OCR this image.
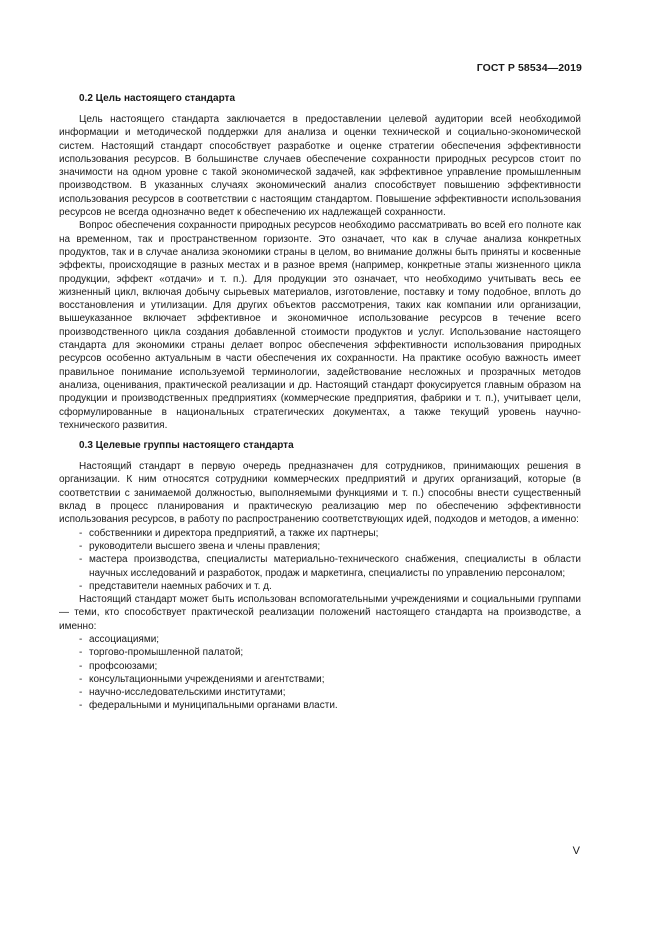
ГОСТ Р 58534—2019
0.2 Цель настоящего стандарта

Цель настоящего стандарта заключается в предоставлении целевой аудитории всей необходимой информации и методической поддержки для анализа и оценки технической и социально-экономической систем. Настоящий стандарт способствует разработке и оценке стратегии обеспечения эффективности использования ресурсов. В большинстве случаев обеспечение сохранности природных ресурсов стоит по значимости на одном уровне с такой экономической задачей, как эффективное управление промышленным производством. В указанных случаях экономический анализ способствует повышению эффективности использования ресурсов в соответствии с настоящим стандартом. Повышение эффективности использования ресурсов не всегда однозначно ведет к обеспечению их надлежащей сохранности.

Вопрос обеспечения сохранности природных ресурсов необходимо рассматривать во всей его полноте как на временном, так и пространственном горизонте. Это означает, что как в случае анализа конкретных продуктов, так и в случае анализа экономики страны в целом, во внимание должны быть приняты и косвенные эффекты, происходящие в разных местах и в разное время (например, конкретные этапы жизненного цикла продукции, эффект «отдачи» и т. п.). Для продукции это означает, что необходимо учитывать весь ее жизненный цикл, включая добычу сырьевых материалов, изготовление, поставку и тому подобное, вплоть до восстановления и утилизации. Для других объектов рассмотрения, таких как компании или организации, вышеуказанное включает эффективное и экономичное использование ресурсов в течение всего производственного цикла создания добавленной стоимости продуктов и услуг. Использование настоящего стандарта для экономики страны делает вопрос обеспечения эффективности использования природных ресурсов особенно актуальным в части обеспечения их сохранности. На практике особую важность имеет правильное понимание используемой терминологии, задействование несложных и прозрачных методов анализа, оценивания, практической реализации и др. Настоящий стандарт фокусируется главным образом на продукции и производственных предприятиях (коммерческие предприятия, фабрики и т. п.), учитывает цели, сформулированные в национальных стратегических документах, а также текущий уровень научно-технического развития.

0.3 Целевые группы настоящего стандарта

Настоящий стандарт в первую очередь предназначен для сотрудников, принимающих решения в организации. К ним относятся сотрудники коммерческих предприятий и других организаций, которые (в соответствии с занимаемой должностью, выполняемыми функциями и т. п.) способны внести существенный вклад в процесс планирования и практическую реализацию мер по обеспечению эффективности использования ресурсов, в работу по распространению соответствующих идей, подходов и методов, а именно:

- собственники и директора предприятий, а также их партнеры;
- руководители высшего звена и члены правления;
- мастера производства, специалисты материально-технического снабжения, специалисты в области научных исследований и разработок, продаж и маркетинга, специалисты по управлению персоналом;
- представители наемных рабочих и т. д.

Настоящий стандарт может быть использован вспомогательными учреждениями и социальными группами — теми, кто способствует практической реализации положений настоящего стандарта на производстве, а именно:

- ассоциациями;
- торгово-промышленной палатой;
- профсоюзами;
- консультационными учреждениями и агентствами;
- научно-исследовательскими институтами;
- федеральными и муниципальными органами власти.
V
